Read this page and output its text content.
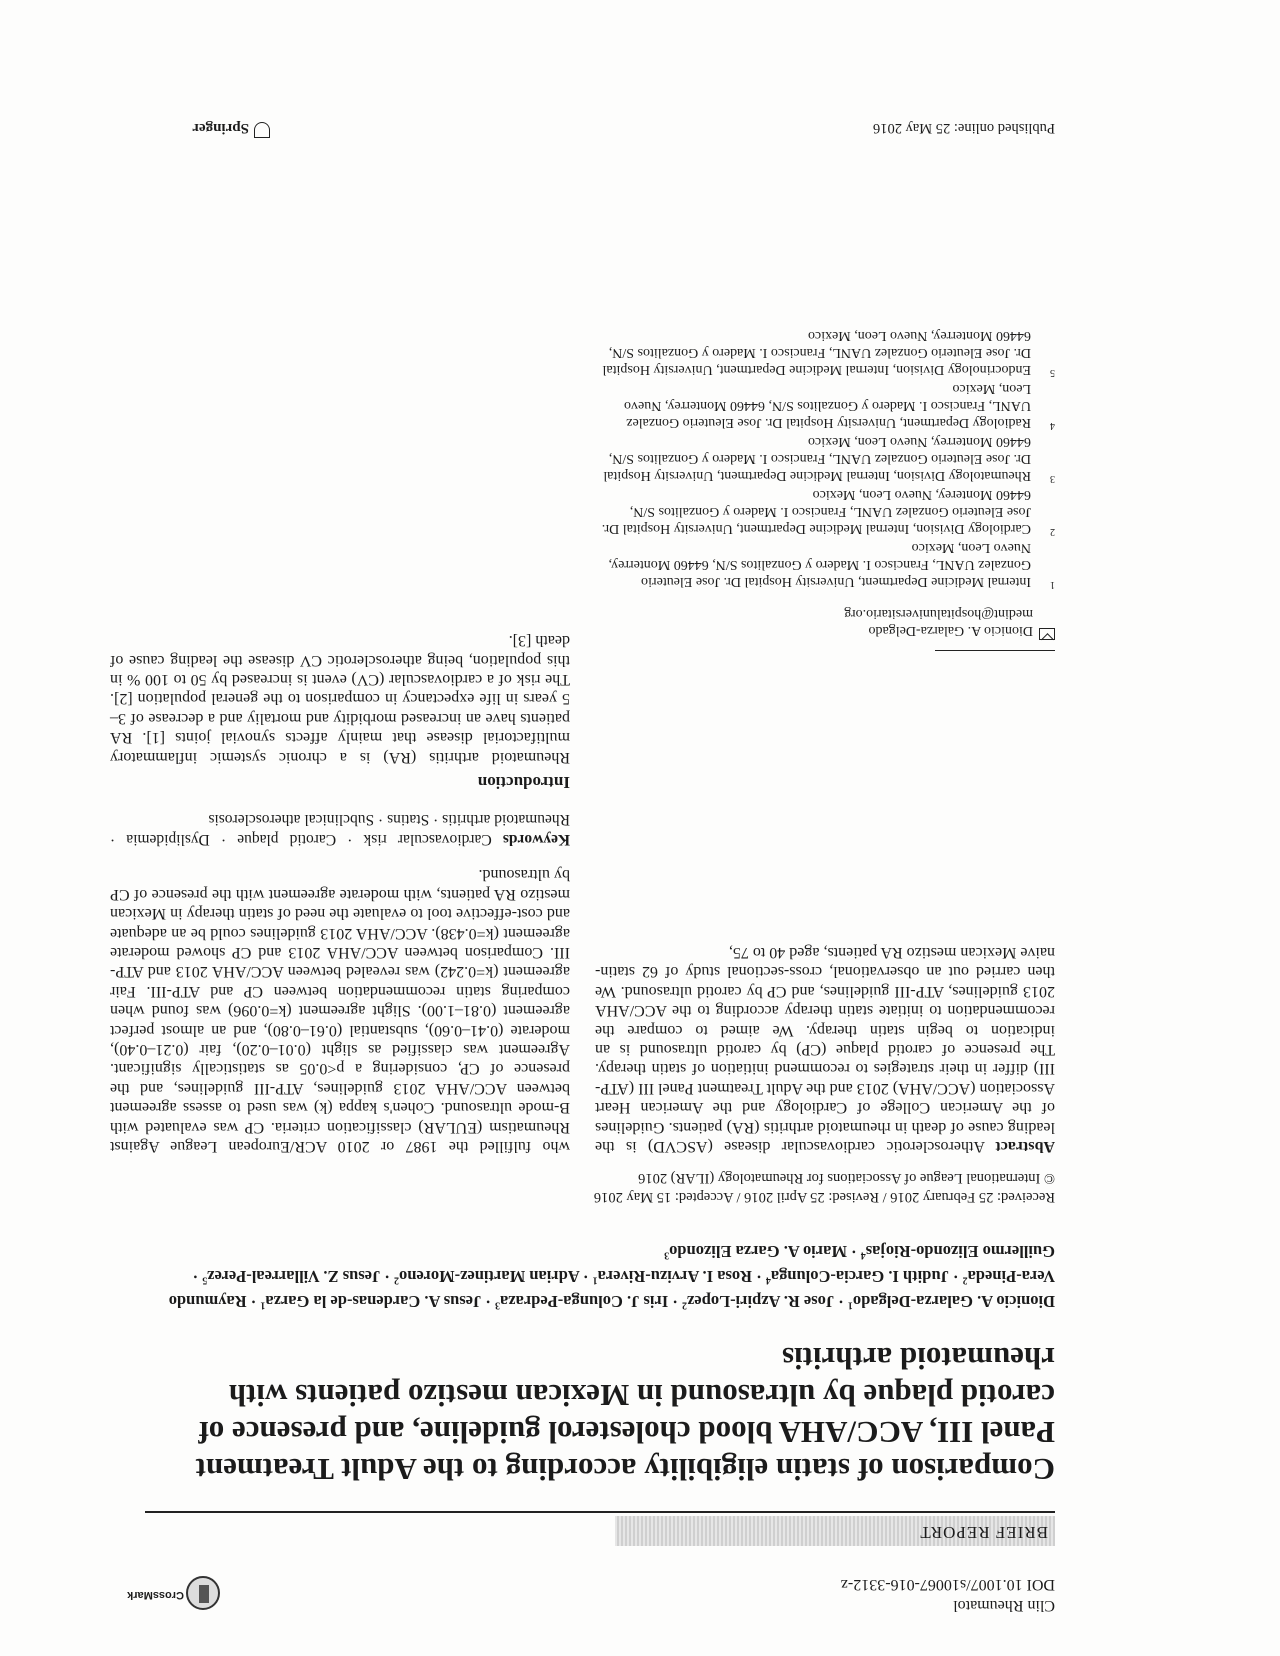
Clin Rheumatol
DOI 10.1007/s10067-016-3312-z
CrossMark
BRIEF REPORT
Comparison of statin eligibility according to the Adult Treatment Panel III, ACC/AHA blood cholesterol guideline, and presence of carotid plaque by ultrasound in Mexican mestizo patients with rheumatoid arthritis
Dionicio A. Galarza-Delgado$^1$ · Jose R. Azpiri-Lopez$^2$ · Iris J. Colunga-Pedraza$^3$ · Jesus A. Cardenas-de la Garza$^1$ · Raymundo Vera-Pineda$^2$ · Judith I. Garcia-Colunga$^4$ · Rosa I. Arvizu-Rivera$^1$ · Adrian Martinez-Moreno$^2$ · Jesus Z. Villarreal-Perez$^5$ · Guillermo Elizondo-Riojas$^4$ · Mario A. Garza Elizondo$^3$
Received: 25 February 2016 / Revised: 25 April 2016 / Accepted: 15 May 2016
© International League of Associations for Rheumatology (ILAR) 2016

Abstract Atherosclerotic cardiovascular disease (ASCVD) is the leading cause of death in rheumatoid arthritis (RA) patients. Guidelines of the American College of Cardiology and the American Heart Association (ACC/AHA) 2013 and the Adult Treatment Panel III (ATP-III) differ in their strategies to recommend initiation of statin therapy. The presence of carotid plaque (CP) by carotid ultrasound is an indication to begin statin therapy. We aimed to compare the recommendation to initiate statin therapy according to the ACC/AHA 2013 guidelines, ATP-III guidelines, and CP by carotid ultrasound. We then carried out an observational, cross-sectional study of 62 statin-naive Mexican mestizo RA patients, aged 40 to 75,

Dionicio A. Galarza-Delgado
medint@hospitaluniversitario.org
1
Internal Medicine Department, University Hospital Dr. Jose Eleuterio Gonzalez UANL, Francisco I. Madero y Gonzalitos S/N, 64460 Monterrey, Nuevo Leon, Mexico
2
Cardiology Division, Internal Medicine Department, University Hospital Dr. Jose Eleuterio Gonzalez UANL, Francisco I. Madero y Gonzalitos S/N, 64460 Monterey, Nuevo Leon, Mexico
3
Rheumatology Division, Internal Medicine Department, University Hospital Dr. Jose Eleuterio Gonzalez UANL, Francisco I. Madero y Gonzalitos S/N, 64460 Monterrey, Nuevo Leon, Mexico
4
Radiology Department, University Hospital Dr. Jose Eleuterio Gonzalez UANL, Francisco I. Madero y Gonzalitos S/N, 64460 Monterrey, Nuevo Leon, Mexico
5
Endocrinology Division, Internal Medicine Department, University Hospital Dr. Jose Eleuterio Gonzalez UANL, Francisco I. Madero y Gonzalitos S/N, 64460 Monterrey, Nuevo Leon, Mexico

who fulfilled the 1987 or 2010 ACR/European League Against Rheumatism (EULAR) classification criteria. CP was evaluated with B-mode ultrasound. Cohen's kappa (k) was used to assess agreement between ACC/AHA 2013 guidelines, ATP-III guidelines, and the presence of CP, considering a p<0.05 as statistically significant. Agreement was classified as slight (0.01–0.20), fair (0.21–0.40), moderate (0.41–0.60), substantial (0.61–0.80), and an almost perfect agreement (0.81–1.00). Slight agreement (k=0.096) was found when comparing statin recommendation between CP and ATP-III. Fair agreement (k=0.242) was revealed between ACC/AHA 2013 and ATP-III. Comparison between ACC/AHA 2013 and CP showed moderate agreement (k=0.438). ACC/AHA 2013 guidelines could be an adequate and cost-effective tool to evaluate the need of statin therapy in Mexican mestizo RA patients, with moderate agreement with the presence of CP by ultrasound.

Keywords Cardiovascular risk · Carotid plaque · Dyslipidemia · Rheumatoid arthritis · Statins · Subclinical atherosclerosis

Introduction

Rheumatoid arthritis (RA) is a chronic systemic inflammatory multifactorial disease that mainly affects synovial joints [1]. RA patients have an increased morbidity and mortaliy and a decrease of 3–5 years in life expectancy in comparison to the general population [2]. The risk of a cardiovascular (CV) event is increased by 50 to 100 % in this population, being atherosclerotic CV disease the leading cause of death [3].

Published online: 25 May 2016
Springer
